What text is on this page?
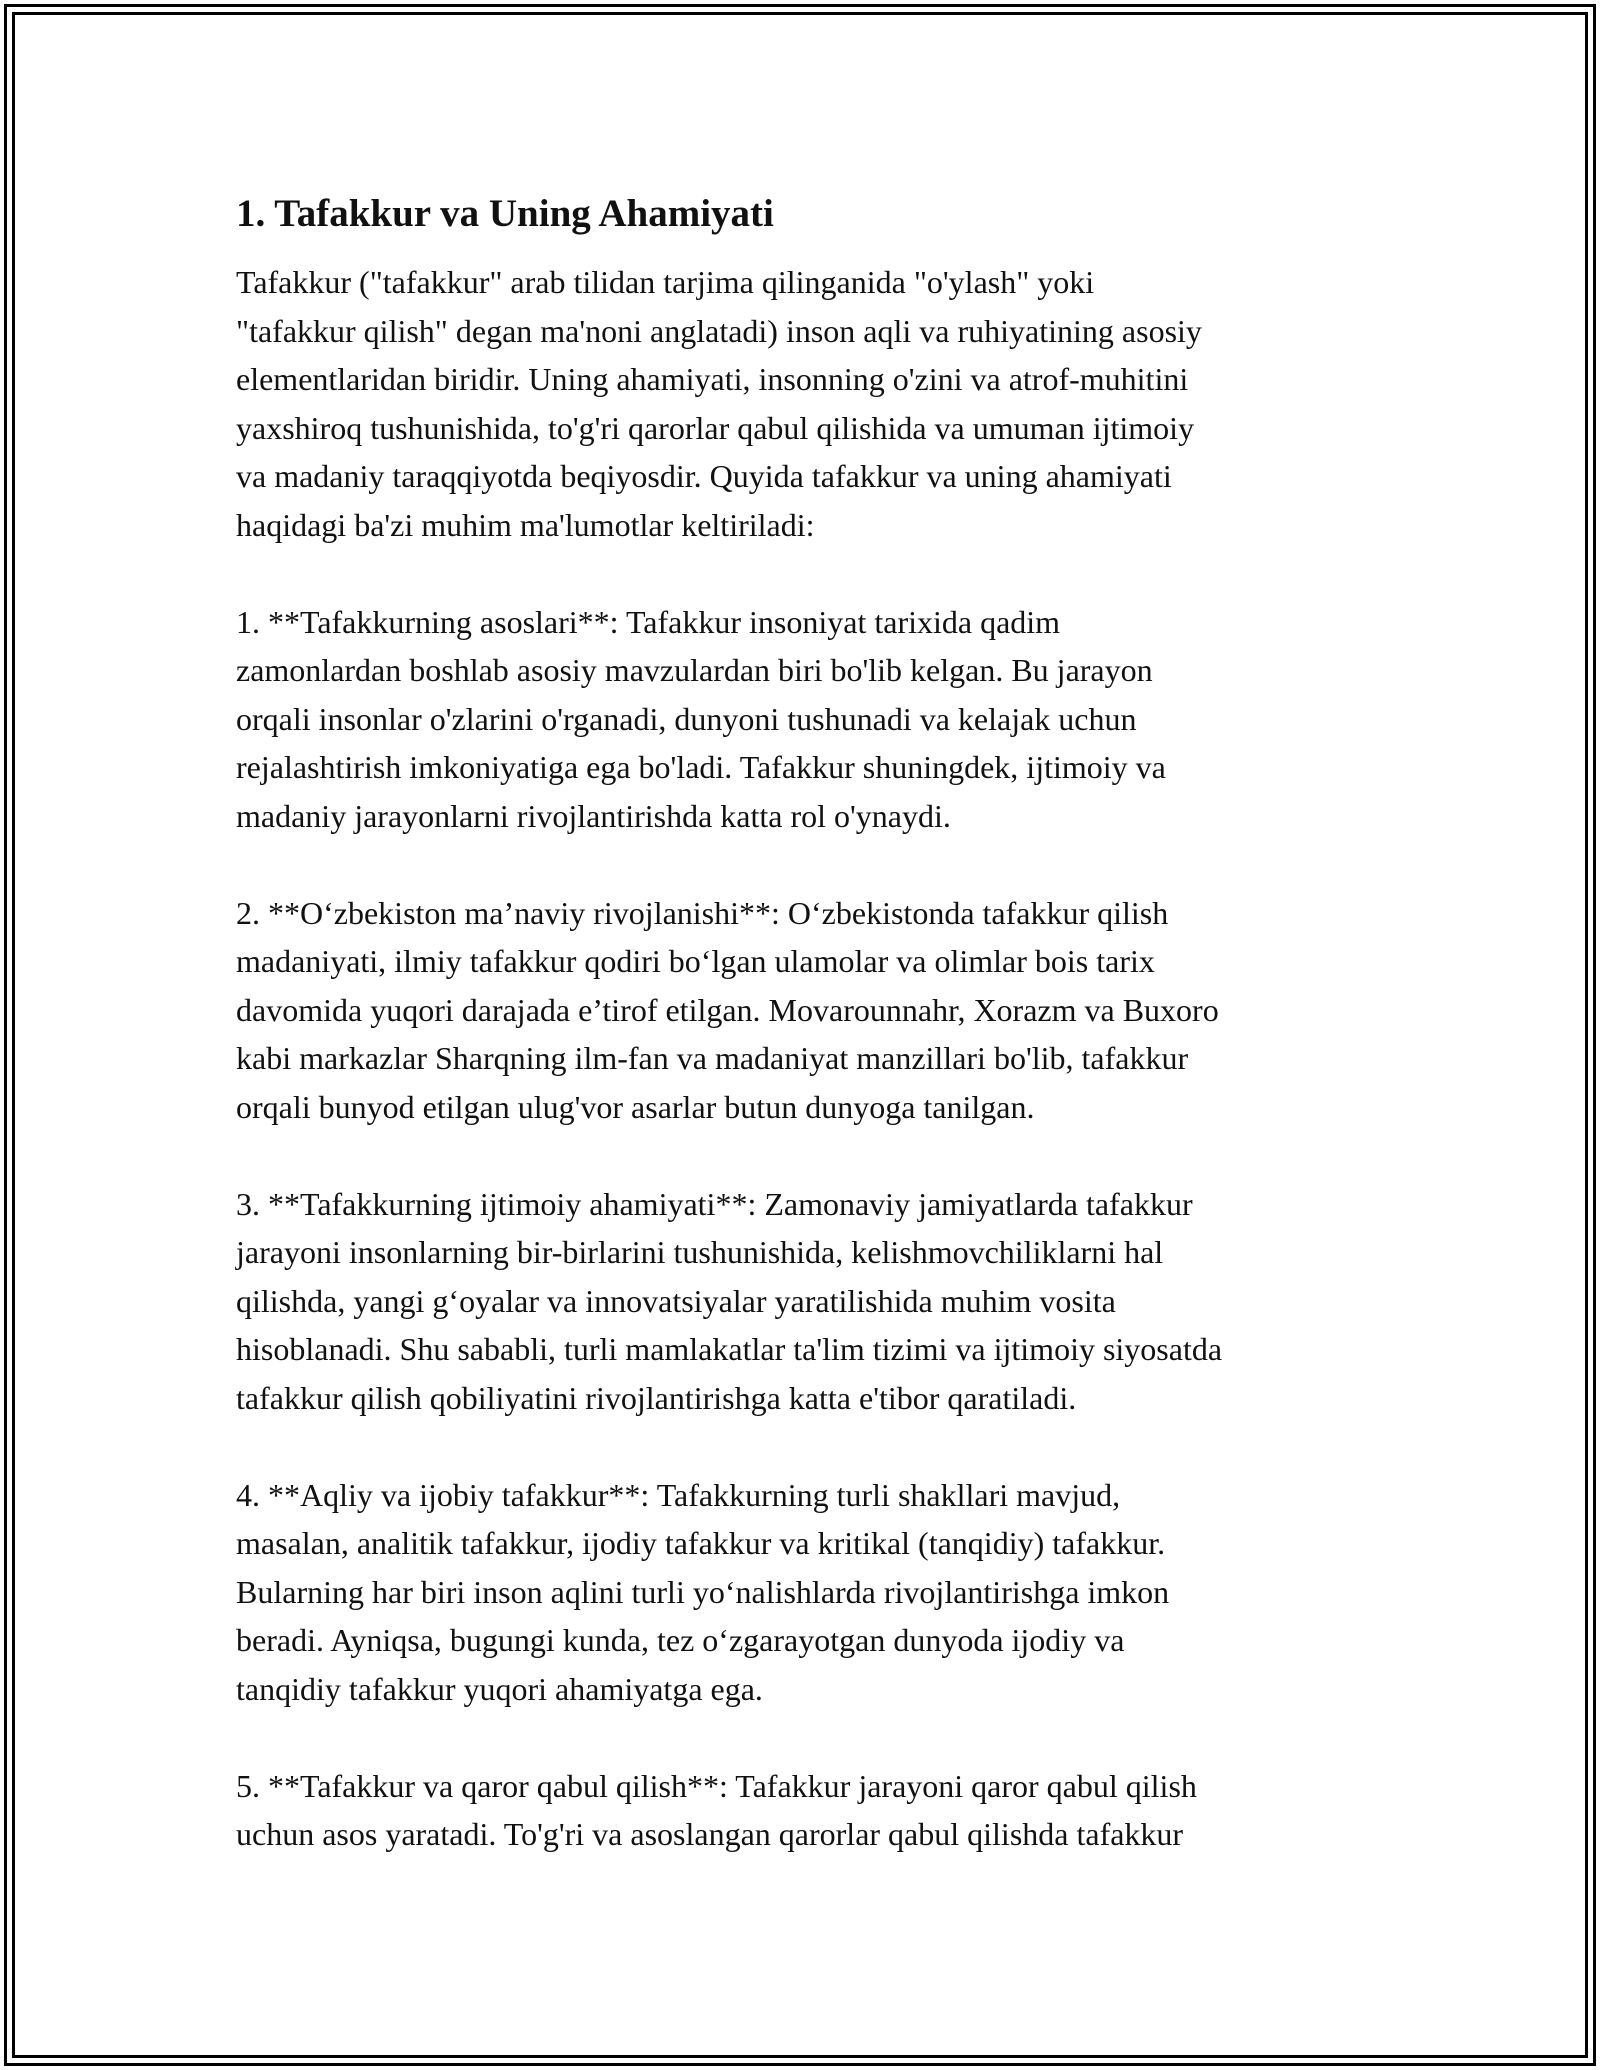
1. Tafakkur va Uning Ahamiyati
Tafakkur ("tafakkur" arab tilidan tarjima qilinganida "o'ylash" yoki
"tafakkur qilish" degan ma'noni anglatadi) inson aqli va ruhiyatining asosiy
elementlaridan biridir. Uning ahamiyati, insonning o'zini va atrof-muhitini
yaxshiroq tushunishida, to'g'ri qarorlar qabul qilishida va umuman ijtimoiy
va madaniy taraqqiyotda beqiyosdir. Quyida tafakkur va uning ahamiyati
haqidagi ba'zi muhim ma'lumotlar keltiriladi:
1. **Tafakkurning asoslari**: Tafakkur insoniyat tarixida qadim
zamonlardan boshlab asosiy mavzulardan biri bo'lib kelgan. Bu jarayon
orqali insonlar o'zlarini o'rganadi, dunyoni tushunadi va kelajak uchun
rejalashtirish imkoniyatiga ega bo'ladi. Tafakkur shuningdek, ijtimoiy va
madaniy jarayonlarni rivojlantirishda katta rol o'ynaydi.
2. **O‘zbekiston ma’naviy rivojlanishi**: O‘zbekistonda tafakkur qilish
madaniyati, ilmiy tafakkur qodiri bo‘lgan ulamolar va olimlar bois tarix
davomida yuqori darajada e’tirof etilgan. Movarounnahr, Xorazm va Buxoro
kabi markazlar Sharqning ilm-fan va madaniyat manzillari bo'lib, tafakkur
orqali bunyod etilgan ulug'vor asarlar butun dunyoga tanilgan.
3. **Tafakkurning ijtimoiy ahamiyati**: Zamonaviy jamiyatlarda tafakkur
jarayoni insonlarning bir-birlarini tushunishida, kelishmovchiliklarni hal
qilishda, yangi g‘oyalar va innovatsiyalar yaratilishida muhim vosita
hisoblanadi. Shu sababli, turli mamlakatlar ta'lim tizimi va ijtimoiy siyosatda
tafakkur qilish qobiliyatini rivojlantirishga katta e'tibor qaratiladi.
4. **Aqliy va ijobiy tafakkur**: Tafakkurning turli shakllari mavjud,
masalan, analitik tafakkur, ijodiy tafakkur va kritikal (tanqidiy) tafakkur.
Bularning har biri inson aqlini turli yo‘nalishlarda rivojlantirishga imkon
beradi. Ayniqsa, bugungi kunda, tez o‘zgarayotgan dunyoda ijodiy va
tanqidiy tafakkur yuqori ahamiyatga ega.
5. **Tafakkur va qaror qabul qilish**: Tafakkur jarayoni qaror qabul qilish
uchun asos yaratadi. To'g'ri va asoslangan qarorlar qabul qilishda tafakkur
